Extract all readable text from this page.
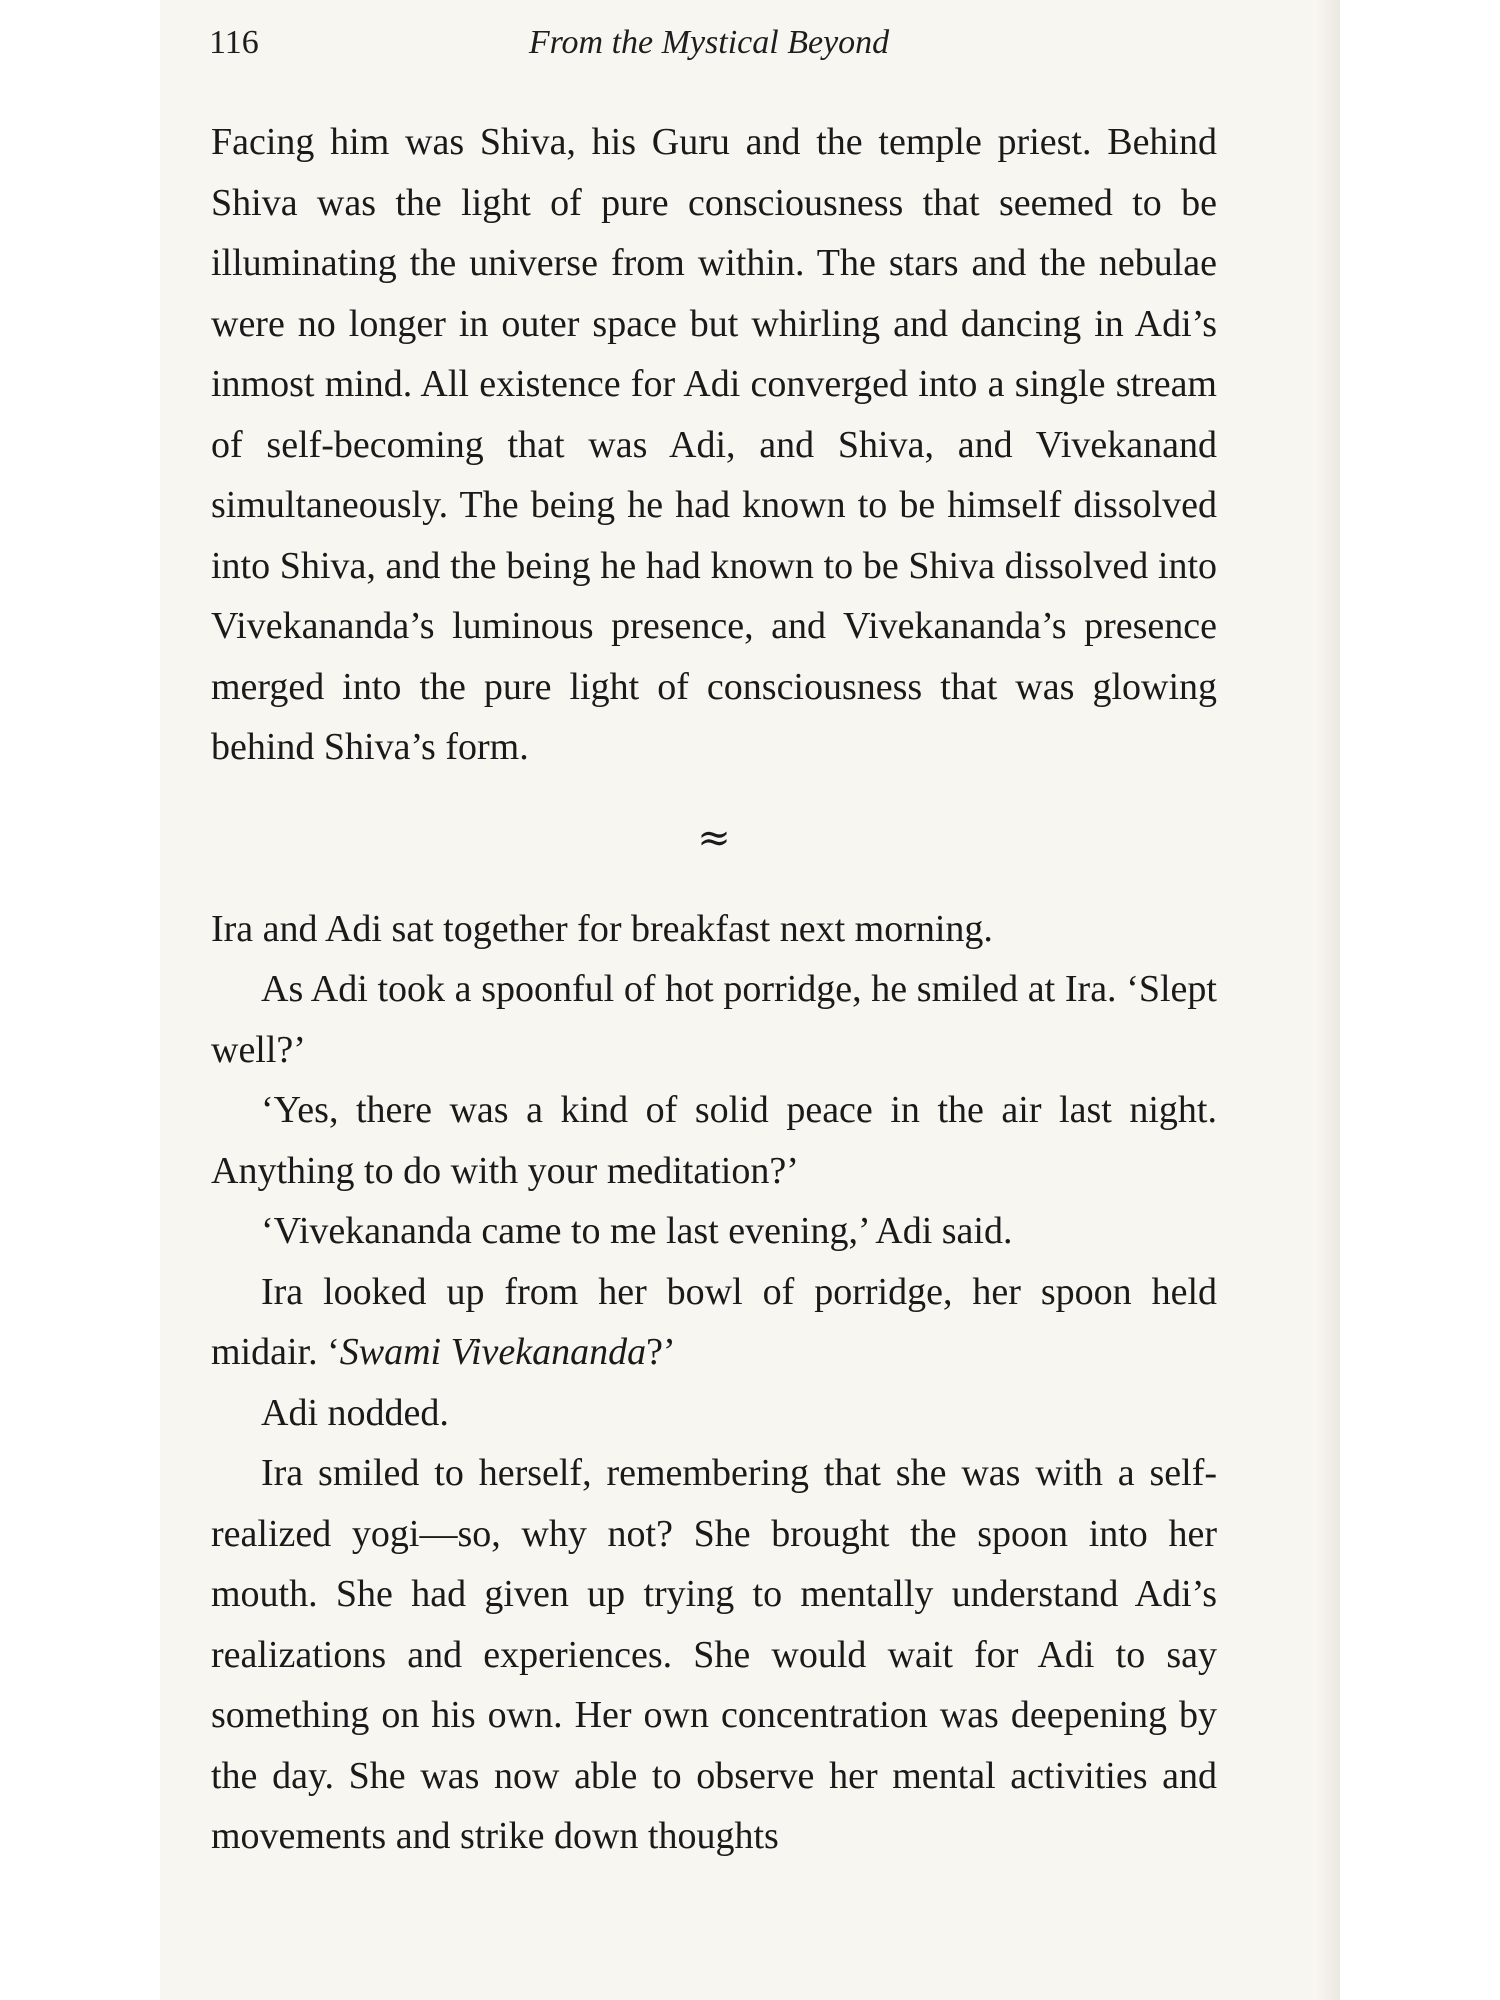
116	From the Mystical Beyond

Facing him was Shiva, his Guru and the temple priest. Behind Shiva was the light of pure consciousness that seemed to be illuminating the universe from within. The stars and the nebulae were no longer in outer space but whirling and dancing in Adi’s inmost mind. All existence for Adi converged into a single stream of self-becoming that was Adi, and Shiva, and Vivekanand simultaneously. The being he had known to be himself dissolved into Shiva, and the being he had known to be Shiva dissolved into Vivekananda’s luminous presence, and Vivekananda’s presence merged into the pure light of consciousness that was glowing behind Shiva’s form.

≈

Ira and Adi sat together for breakfast next morning.

As Adi took a spoonful of hot porridge, he smiled at Ira. ‘Slept well?’

‘Yes, there was a kind of solid peace in the air last night. Anything to do with your meditation?’

‘Vivekananda came to me last evening,’ Adi said.

Ira looked up from her bowl of porridge, her spoon held midair. ‘Swami Vivekananda?’

Adi nodded.

Ira smiled to herself, remembering that she was with a self-realized yogi—so, why not? She brought the spoon into her mouth. She had given up trying to mentally understand Adi’s realizations and experiences. She would wait for Adi to say something on his own. Her own concentration was deepening by the day. She was now able to observe her mental activities and movements and strike down thoughts
